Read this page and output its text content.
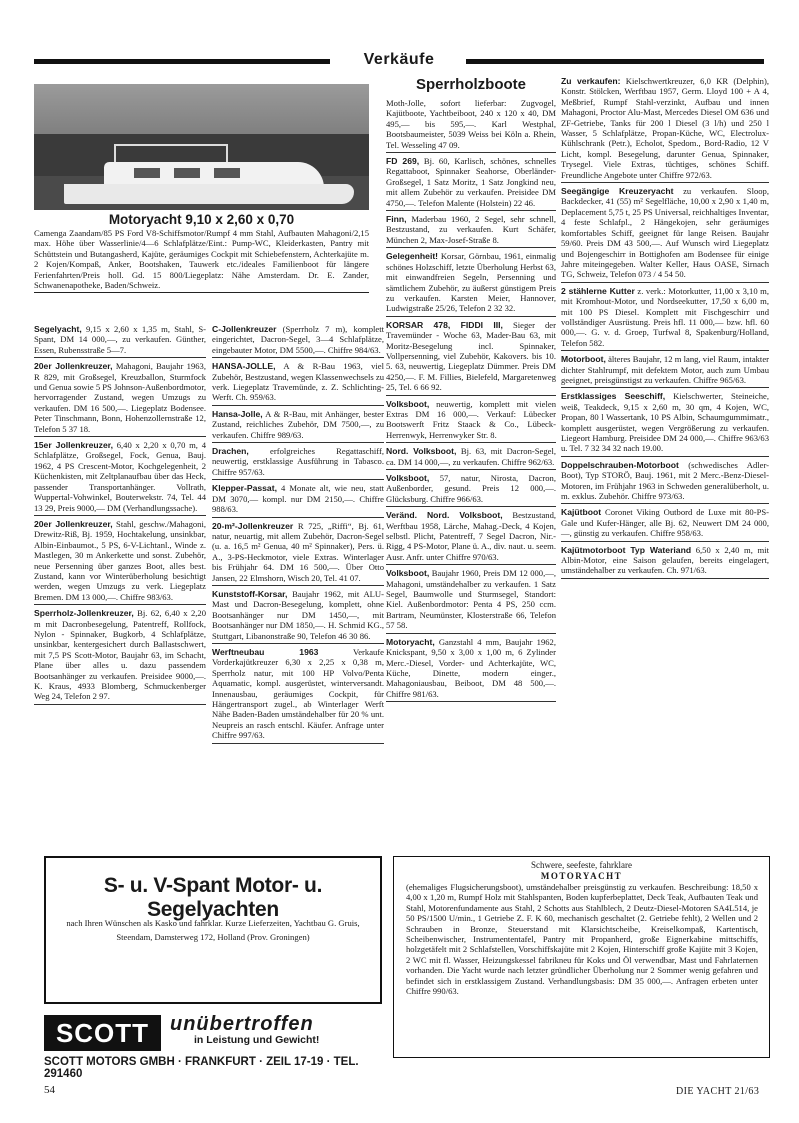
Verkäufe
Motoryacht 9,10 x 2,60 x 0,70
Camenga Zaandam/85 PS Ford V8-Schiffsmotor/Rumpf 4 mm Stahl, Aufbauten Mahagoni/2,15 max. Höhe über Wasserlinie/4—6 Schlafplätze/Eint.: Pump-WC, Kleiderkasten, Pantry mit Schüttstein und Butangasherd, Kajüte, geräumiges Cockpit mit Schiebefenstern, Achterkajüte m. 2 Kojen/Kompaß, Anker, Bootshaken, Tauwerk etc./ideales Familienboot für längere Ferienfahrten/Preis holl. Gd. 15 800/Liegeplatz: Nähe Amsterdam. Dr. E. Zander, Schwanenapotheke, Baden/Schweiz.

Segelyacht, 9,15 x 2,60 x 1,35 m, Stahl, S-Spant, DM 14 000,—, zu verkaufen. Günther, Essen, Rubensstraße 5—7.

20er Jollenkreuzer, Mahagoni, Baujahr 1963, R 829, mit Großsegel, Kreuzballon, Sturmfock und Genua sowie 5 PS Johnson-Außenbordmotor, hervorragender Zustand, wegen Umzugs zu verkaufen. DM 16 500,—. Liegeplatz Bodensee. Peter Tinschmann, Bonn, Hohenzollernstraße 12, Telefon 5 37 18.

15er Jollenkreuzer, 6,40 x 2,20 x 0,70 m, 4 Schlafplätze, Großsegel, Fock, Genua, Bauj. 1962, 4 PS Crescent-Motor, Kochgelegenheit, 2 Küchenkisten, mit Zeltplanaufbau über das Heck, passender Transportanhänger. Vollrath, Wuppertal-Vohwinkel, Bouterwekstr. 74, Tel. 44 13 29, Preis 9000,— DM (Verhandlungssache).

20er Jollenkreuzer, Stahl, geschw./Mahagoni, Drewitz-Riß, Bj. 1959, Hochtakelung, unsinkbar, Albin-Einbaumot., 5 PS, 6-V-Lichtanl., Winde z. Mastlegen, 30 m Ankerkette und sonst. Zubehör, neue Persenning über ganzes Boot, alles best. Zustand, kann vor Winterüberholung besichtigt werden, wegen Umzugs zu verk. Liegeplatz Bremen. DM 13 000,—. Chiffre 983/63.

Sperrholz-Jollenkreuzer, Bj. 62, 6,40 x 2,20 m mit Dacronbesegelung, Patentreff, Rollfock, Nylon - Spinnaker, Bugkorb, 4 Schlafplätze, unsinkbar, kentergesichert durch Ballastschwert, mit 7,5 PS Scott-Motor, Baujahr 63, im Schacht, Plane über alles u. dazu passendem Bootsanhänger zu verkaufen. Preisidee 9000,—. K. Kraus, 4933 Blomberg, Schmuckenberger Weg 24, Telefon 2 97.

C-Jollenkreuzer (Sperrholz 7 m), komplett eingerichtet, Dacron-Segel, 3—4 Schlafplätze, eingebauter Motor, DM 5500,—. Chiffre 984/63.

HANSA-JOLLE, A & R-Bau 1963, viel Zubehör, Bestzustand, wegen Klassenwechsels zu verk. Liegeplatz Travemünde, z. Z. Schlichting-Werft. Ch. 959/63.

Hansa-Jolle, A & R-Bau, mit Anhänger, bester Zustand, reichliches Zubehör, DM 7500,—, zu verkaufen. Chiffre 989/63.

Drachen, erfolgreiches Regattaschiff, neuwertig, erstklassige Ausführung in Tabasco. Chiffre 957/63.

Klepper-Passat, 4 Monate alt, wie neu, statt DM 3070,— kompl. nur DM 2150,—. Chiffre 988/63.

20-m²-Jollenkreuzer R 725, „Riffi“, Bj. 61, natur, neuartig, mit allem Zubehör, Dacron-Segel (u. a. 16,5 m² Genua, 40 m² Spinnaker), Pers. ü. A., 3-PS-Heckmotor, viele Extras. Winterlager bis Frühjahr 64. DM 16 500,—. Über Otto Jansen, 22 Elmshorn, Wisch 20, Tel. 41 07.

Kunststoff-Korsar, Baujahr 1962, mit ALU-Mast und Dacron-Besegelung, komplett, ohne Bootsanhänger nur DM 1450,—, mit Bootsanhänger nur DM 1850,—. H. Schmid KG., Stuttgart, Libanonstraße 90, Telefon 46 30 86.

Werftneubau 1963 Verkaufe Vorderkajütkreuzer 6,30 x 2,25 x 0,38 m, Sperrholz natur, mit 100 HP Volvo/Penta Aquamatic, kompl. ausgerüstet, winterversandt. Innenausbau, geräumiges Cockpit, für Hängertransport zugel., ab Winterlager Werft Nähe Baden-Baden umständehalber für 20 % unt. Neupreis an rasch entschl. Käufer. Anfrage unter Chiffre 997/63.

Sperrholzboote

Moth-Jolle, sofort lieferbar: Zugvogel, Kajütboote, Yachtbeiboot, 240 x 120 x 40, DM 495,— bis 595,—. Karl Westphal, Bootsbaumeister, 5039 Weiss bei Köln a. Rhein, Tel. Wesseling 47 09.

FD 269, Bj. 60, Karlisch, schönes, schnelles Regattaboot, Spinnaker Seahorse, Oberländer-Großsegel, 1 Satz Moritz, 1 Satz Jongkind neu, mit allem Zubehör zu verkaufen. Preisidee DM 4750,—. Telefon Malente (Holstein) 22 46.

Finn, Maderbau 1960, 2 Segel, sehr schnell, Bestzustand, zu verkaufen. Kurt Schäfer, München 2, Max-Josef-Straße 8.

Gelegenheit! Korsar, Görnbau, 1961, einmalig schönes Holzschiff, letzte Überholung Herbst 63, mit einwandfreien Segeln, Persenning und sämtlichem Zubehör, zu äußerst günstigem Preis zu verkaufen. Karsten Meier, Hannover, Ludwigstraße 25/26, Telefon 2 32 32.

KORSAR 478, FIDDI III, Sieger der Travemünder - Woche 63, Mader-Bau 63, mit Moritz-Besegelung incl. Spinnaker, Vollpersenning, viel Zubehör, Kakovers. bis 10. 5. 63, neuwertig, Liegeplatz Dümmer. Preis DM 4250,—. F. M. Fillies, Bielefeld, Margaretenweg 25, Tel. 6 66 92.

Volksboot, neuwertig, komplett mit vielen Extras DM 16 000,—. Verkauf: Lübecker Bootswerft Fritz Staack & Co., Lübeck-Herrenwyk, Herrenwyker Str. 8.

Nord. Volksboot, Bj. 63, mit Dacron-Segel, ca. DM 14 000,—, zu verkaufen. Chiffre 962/63.

Volksboot, 57, natur, Nirosta, Dacron, Außenborder, gesund. Preis 12 000,—. Glücksburg. Chiffre 966/63.

Veränd. Nord. Volksboot, Bestzustand, Werftbau 1958, Lärche, Mahag.-Deck, 4 Kojen, selbstl. Plicht, Patentreff, 7 Segel Dacron, Nir.-Rigg, 4 PS-Motor, Plane ü. A., div. naut. u. seem. Ausr. Anfr. unter Chiffre 970/63.

Volksboot, Baujahr 1960, Preis DM 12 000,—, Mahagoni, umständehalber zu verkaufen. 1 Satz Segel, Baumwolle und Sturmsegel, Standort: Kiel. Außenbordmotor: Penta 4 PS, 250 ccm. Bartram, Neumünster, Klosterstraße 66, Telefon 57 58.

Motoryacht, Ganzstahl 4 mm, Baujahr 1962, Knickspant, 9,50 x 3,00 x 1,00 m, 6 Zylinder Merc.-Diesel, Vorder- und Achterkajüte, WC, Küche, Dinette, modern einger., Mahagoniausbau, Beiboot, DM 48 500,—. Chiffre 981/63.

Zu verkaufen: Kielschwertkreuzer, 6,0 KR (Delphin), Konstr. Stölcken, Werftbau 1957, Germ. Lloyd 100 + A 4, Meßbrief, Rumpf Stahl-verzinkt, Aufbau und innen Mahagoni, Proctor Alu-Mast, Mercedes Diesel OM 636 und ZF-Getriebe, Tanks für 200 l Diesel (3 l/h) und 250 l Wasser, 5 Schlafplätze, Propan-Küche, WC, Electrolux-Kühlschrank (Petr.), Echolot, Spedom., Bord-Radio, 12 V Licht, kompl. Besegelung, darunter Genua, Spinnaker, Trysegel. Viele Extras, tüchtiges, schönes Schiff. Freundliche Angebote unter Chiffre 972/63.

Seegängige Kreuzeryacht zu verkaufen. Sloop, Backdecker, 41 (55) m² Segelfläche, 10,00 x 2,90 x 1,40 m, Deplacement 5,75 t, 25 PS Universal, reichhaltiges Inventar, 4 feste Schlafpl., 2 Hängekojen, sehr geräumiges komfortables Schiff, geeignet für lange Reisen. Baujahr 59/60. Preis DM 43 500,—. Auf Wunsch wird Liegeplatz und Bojengeschirr in Bottighofen am Bodensee für einige Jahre miteingegeben. Walter Keller, Haus OASE, Sirnach TG, Schweiz, Telefon 073 / 4 54 50.

2 stählerne Kutter z. verk.: Motorkutter, 11,00 x 3,10 m, mit Kromhout-Motor, und Nordseekutter, 17,50 x 6,00 m, mit 100 PS Diesel. Komplett mit Fischgeschirr und vollständiger Ausrüstung. Preis hfl. 11 000,— bzw. hfl. 60 000,—. G. v. d. Groep, Turfwal 8, Spakenburg/Holland, Telefon 582.

Motorboot, älteres Baujahr, 12 m lang, viel Raum, intakter dichter Stahlrumpf, mit defektem Motor, auch zum Umbau geeignet, preisgünstigst zu verkaufen. Chiffre 965/63.

Erstklassiges Seeschiff, Kielschwerter, Steineiche, weiß, Teakdeck, 9,15 x 2,60 m, 30 qm, 4 Kojen, WC, Propan, 80 l Wassertank, 10 PS Albin, Schaumgummimatr., komplett ausgerüstet, wegen Vergrößerung zu verkaufen. Liegeort Hamburg. Preisidee DM 24 000,—. Chiffre 963/63 u. Tel. 7 32 34 32 nach 19.00.

Doppelschrauben-Motorboot (schwedisches Adler-Boot), Typ STORÖ, Bauj. 1961, mit 2 Merc.-Benz-Diesel-Motoren, im Frühjahr 1963 in Schweden generalüberholt, u. m. exklus. Zubehör. Chiffre 973/63.

Kajütboot Coronet Viking Outbord de Luxe mit 80-PS-Gale und Kufer-Hänger, alle Bj. 62, Neuwert DM 24 000,—, günstig zu verkaufen. Chiffre 958/63.

Kajütmotorboot Typ Wateriand 6,50 x 2,40 m, mit Albin-Motor, eine Saison gelaufen, bereits eingelagert, umständehalber zu verkaufen. Ch. 971/63.

S- u. V-Spant Motor- u. Segelyachten
nach Ihren Wünschen als Kasko und fahrklar. Kurze Lieferzeiten, Yachtbau G. Gruis, Steendam, Damsterweg 172, Holland (Prov. Groningen)
SCOTT	unübertroffen
in Leistung und Gewicht!
SCOTT MOTORS GMBH · FRANKFURT · ZEIL 17-19 · TEL. 291460
Schwere, seefeste, fahrklare
MOTORYACHT
(ehemaliges Flugsicherungsboot), umständehalber preisgünstig zu verkaufen. Beschreibung: 18,50 x 4,00 x 1,20 m, Rumpf Holz mit Stahlspanten, Boden kupferbeplattet, Deck Teak, Aufbauten Teak und Stahl, Motorenfundamente aus Stahl, 2 Schotts aus Stahlblech, 2 Deutz-Diesel-Motoren SA4L514, je 50 PS/1500 U/min., 1 Getriebe Z. F. K 60, mechanisch geschaltet (2. Getriebe fehlt), 2 Wellen und 2 Schrauben in Bronze, Steuerstand mit Klarsichtscheibe, Kreiselkompaß, Kartentisch, Scheibenwischer, Instrumententafel, Pantry mit Propanherd, große Eignerkabine mittschiffs, holzgetäfelt mit 2 Schlafstellen, Vorschiffskajüte mit 2 Kojen, Hinterschiff große Kajüte mit 3 Kojen, 2 WC mit fl. Wasser, Heizungskessel fabrikneu für Koks und Öl verwendbar, Mast und Fahrlaternen vorhanden. Die Yacht wurde nach letzter gründlicher Überholung nur 2 Sommer wenig gefahren und befindet sich in erstklassigem Zustand. Verhandlungsbasis: DM 35 000,—. Anfragen erbeten unter Chiffre 990/63.
54	DIE YACHT 21/63
